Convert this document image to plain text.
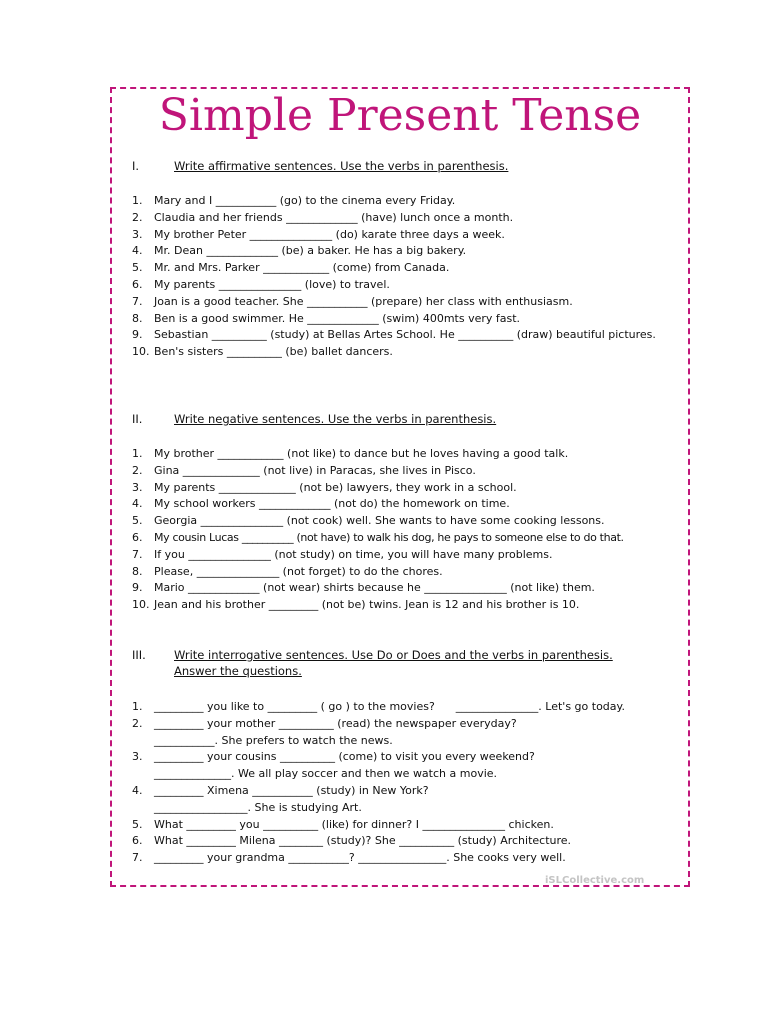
Simple Present Tense
I.	Write affirmative sentences. Use the verbs in parenthesis.
1.	Mary and I ___________ (go) to the cinema every Friday.
2.	Claudia and her friends _____________ (have) lunch once a month.
3.	My brother Peter _______________ (do) karate three days a week.
4.	Mr. Dean _____________ (be) a baker. He has a big bakery.
5.	Mr. and Mrs. Parker ____________ (come) from Canada.
6.	My parents _______________ (love) to travel.
7.	Joan is a good teacher. She ___________ (prepare) her class with enthusiasm.
8.	Ben is a good swimmer. He _____________ (swim) 400mts very fast.
9.	Sebastian __________ (study) at Bellas Artes School. He __________ (draw) beautiful pictures.
10. Ben's sisters __________ (be) ballet dancers.
II.	Write negative sentences. Use the verbs in parenthesis.
1.	My brother ____________ (not like) to dance but he loves having a good talk.
2.	Gina ______________ (not live) in Paracas, she lives in Pisco.
3.	My parents ______________ (not be) lawyers, they work in a school.
4.	My school workers _____________ (not do) the homework on time.
5.	Georgia _______________ (not cook) well. She wants to have some cooking lessons.
6.	My cousin Lucas __________ (not have) to walk his dog, he pays to someone else to do that.
7.	If you _______________ (not study) on time, you will have many problems.
8.	Please, _______________ (not forget) to do the chores.
9.	Mario _____________ (not wear) shirts because he _______________ (not like) them.
10. Jean and his brother _________ (not be) twins. Jean is 12 and his brother is 10.
III. Write interrogative sentences. Use Do or Does and the verbs in parenthesis.
Answer the questions.
1.	_________ you like to _________ ( go ) to the movies?      _______________. Let's go today.
2.	_________ your mother __________ (read) the newspaper everyday?
___________. She prefers to watch the news.
3.	_________ your cousins __________ (come) to visit you every weekend?
______________. We all play soccer and then we watch a movie.
4.	_________ Ximena ___________ (study) in New York?
_________________. She is studying Art.
5.	What _________ you __________ (like) for dinner? I _______________ chicken.
6.	What _________ Milena ________ (study)? She __________ (study) Architecture.
7.	_________ your grandma ___________? ________________. She cooks very well.
iSLCollective.com
